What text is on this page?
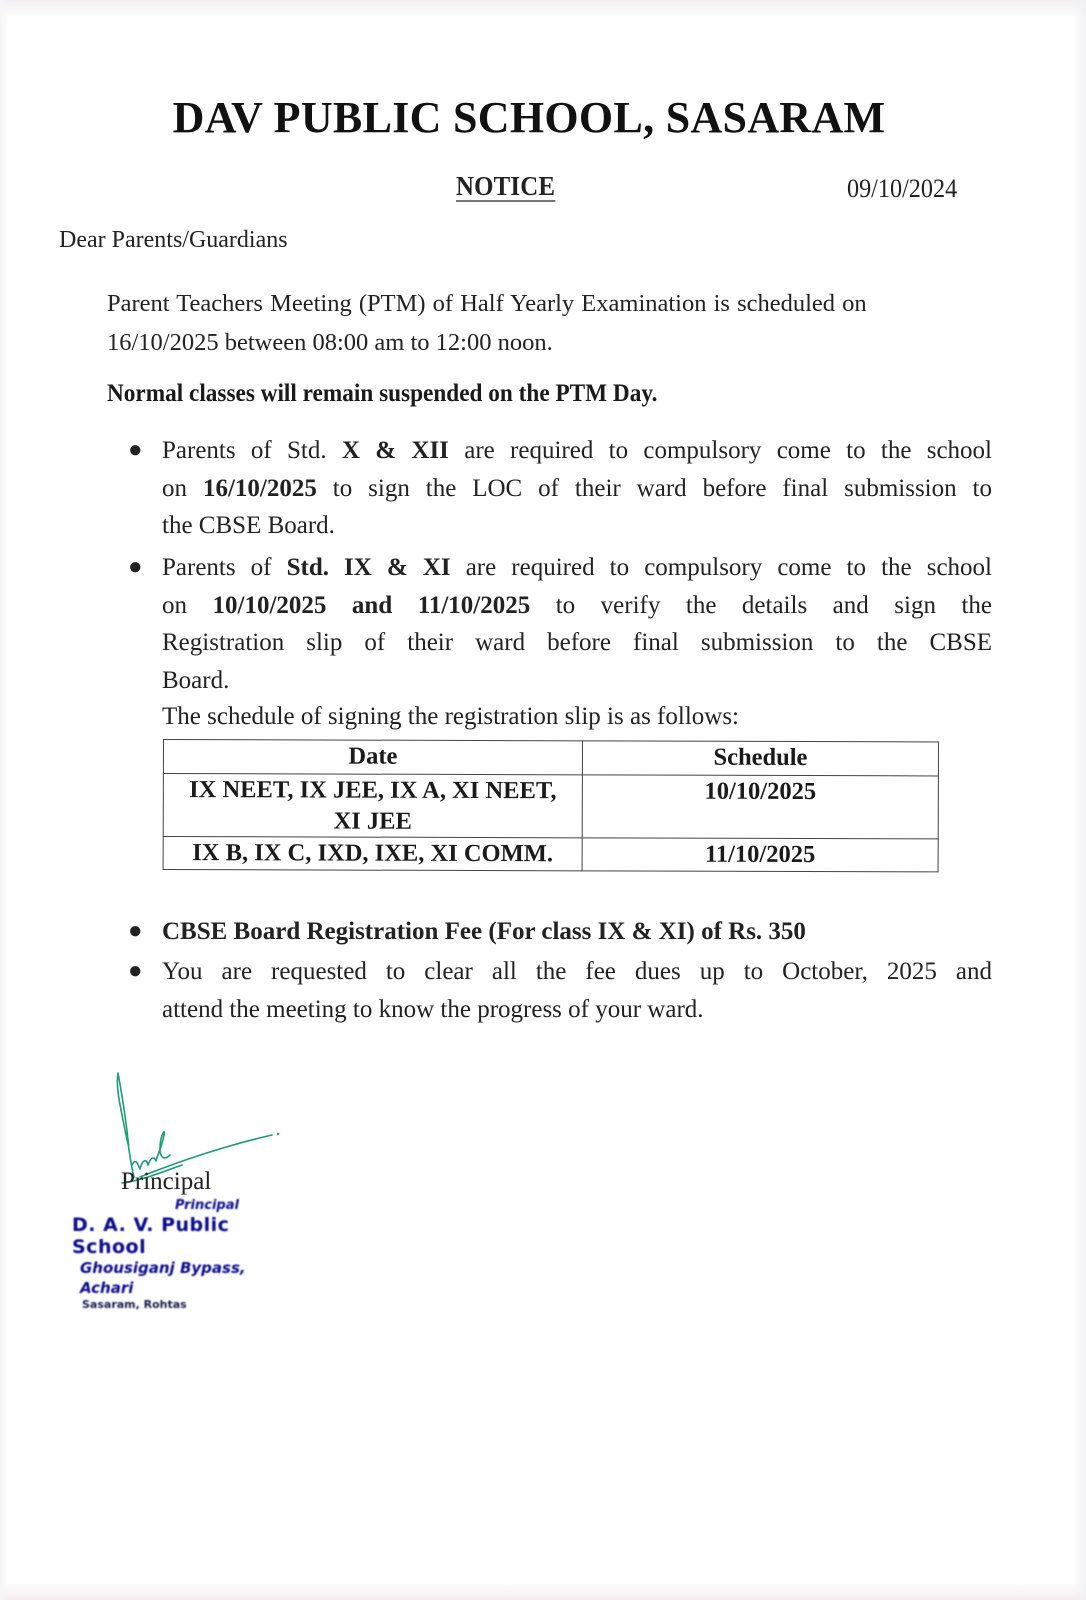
DAV PUBLIC SCHOOL, SASARAM
NOTICE	09/10/2024
Dear Parents/Guardians
Parent Teachers Meeting (PTM) of Half Yearly Examination is scheduled on
16/10/2025 between 08:00 am to 12:00 noon.
Normal classes will remain suspended on the PTM Day.
● Parents of Std. X & XII are required to compulsory come to the school
on 16/10/2025 to sign the LOC of their ward before final submission to
the CBSE Board.
● Parents of Std. IX & XI are required to compulsory come to the school
on 10/10/2025 and 11/10/2025 to verify the details and sign the
Registration slip of their ward before final submission to the CBSE
Board.
The schedule of signing the registration slip is as follows:
Date	Schedule

IX NEET, IX JEE, IX A, XI NEET,
XI JEE	10/10/2025
IX B, IX C, IXD, IXE, XI COMM.	11/10/2025
● CBSE Board Registration Fee (For class IX & XI) of Rs. 350
● You are requested to clear all the fee dues up to October, 2025 and
attend the meeting to know the progress of your ward.
Principal
Principal
D. A. V. Public School
Ghousiganj Bypass, Achari
Sasaram, Rohtas
